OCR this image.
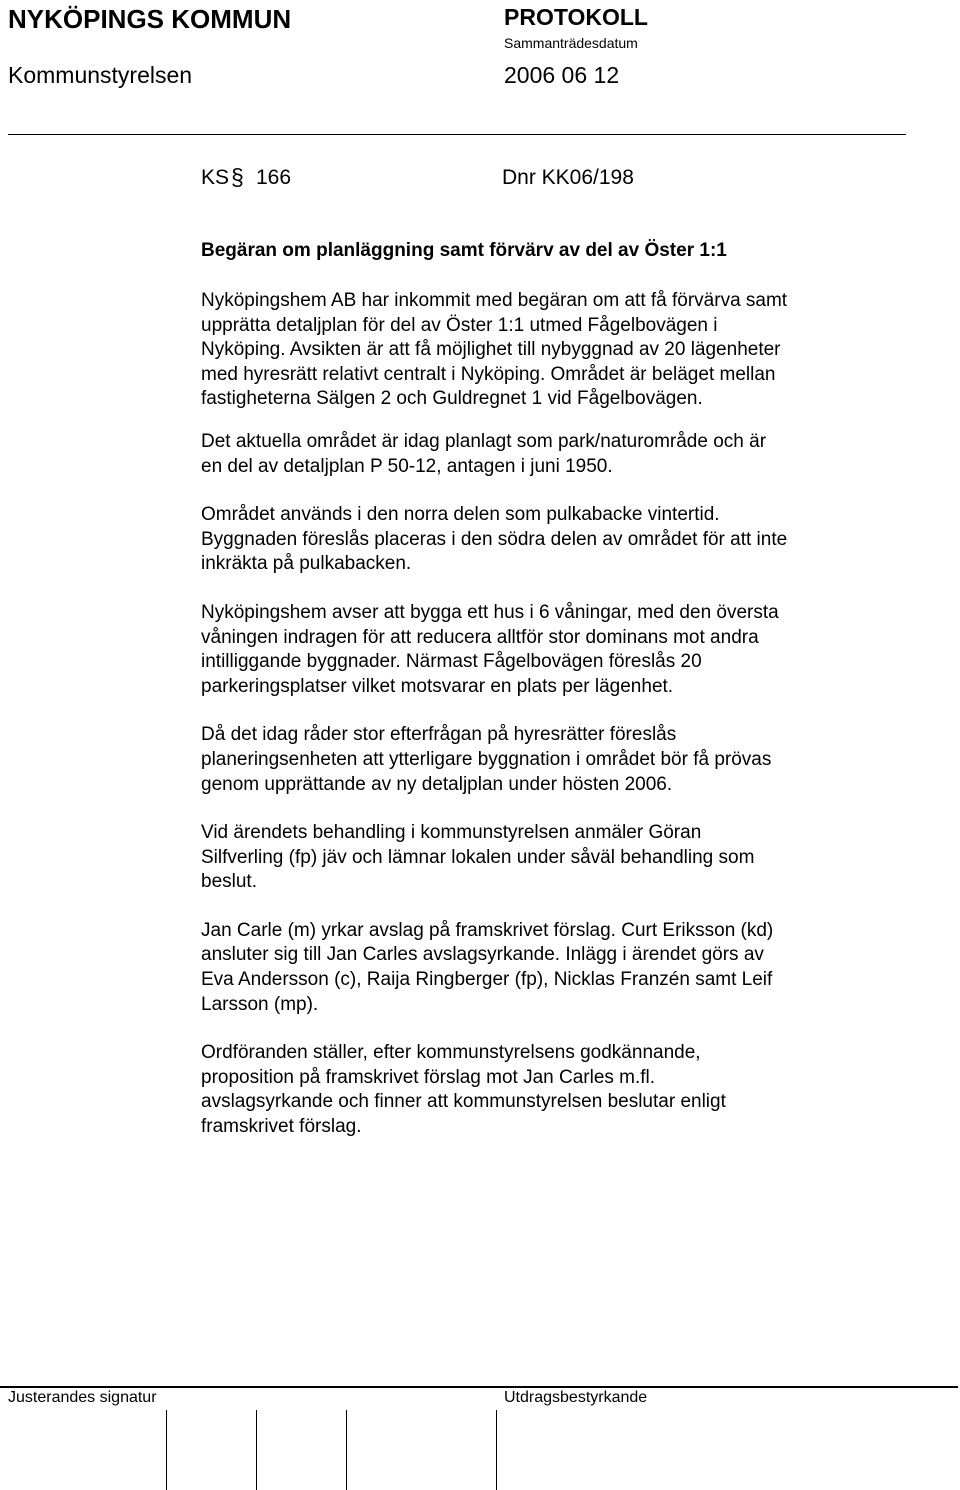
NYKÖPINGS KOMMUN	PROTOKOLL
Sammanträdesdatum
Kommunstyrelsen	2006 06 12
KS § 166	Dnr KK06/198
Begäran om planläggning samt förvärv av del av Öster 1:1

Nyköpingshem AB har inkommit med begäran om att få förvärva samt
upprätta detaljplan för del av Öster 1:1 utmed Fågelbovägen i
Nyköping. Avsikten är att få möjlighet till nybyggnad av 20 lägenheter
med hyresrätt relativt centralt i Nyköping. Området är beläget mellan
fastigheterna Sälgen 2 och Guldregnet 1 vid Fågelbovägen.

Det aktuella området är idag planlagt som park/naturområde och är
en del av detaljplan P 50-12, antagen i juni 1950.

Området används i den norra delen som pulkabacke vintertid.

Byggnaden föreslås placeras i den södra delen av området för att inte
inkräkta på pulkabacken.

Nyköpingshem avser att bygga ett hus i 6 våningar, med den översta
våningen indragen för att reducera alltför stor dominans mot andra
intilliggande byggnader. Närmast Fågelbovägen föreslås 20
parkeringsplatser vilket motsvarar en plats per lägenhet.

Då det idag råder stor efterfrågan på hyresrätter föreslås
planeringsenheten att ytterligare byggnation i området bör få prövas
genom upprättande av ny detaljplan under hösten 2006.

Vid ärendets behandling i kommunstyrelsen anmäler Göran
Silfverling (fp) jäv och lämnar lokalen under såväl behandling som
beslut.

Jan Carle (m) yrkar avslag på framskrivet förslag. Curt Eriksson (kd)
ansluter sig till Jan Carles avslagsyrkande. Inlägg i ärendet görs av
Eva Andersson (c), Raija Ringberger (fp), Nicklas Franzén samt Leif
Larsson (mp).

Ordföranden ställer, efter kommunstyrelsens godkännande,
proposition på framskrivet förslag mot Jan Carles m.fl.
avslagsyrkande och finner att kommunstyrelsen beslutar enligt
framskrivet förslag.

Justerandes signatur	Utdragsbestyrkande
